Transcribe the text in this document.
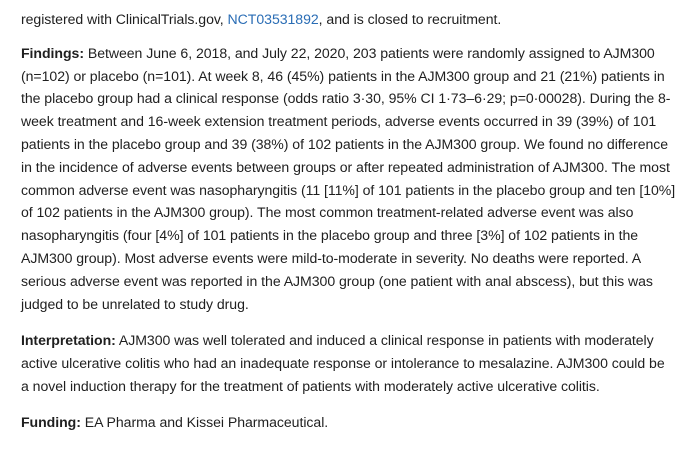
registered with ClinicalTrials.gov, NCT03531892, and is closed to recruitment.

Findings: Between June 6, 2018, and July 22, 2020, 203 patients were randomly assigned to AJM300 (n=102) or placebo (n=101). At week 8, 46 (45%) patients in the AJM300 group and 21 (21%) patients in the placebo group had a clinical response (odds ratio 3·30, 95% CI 1·73–6·29; p=0·00028). During the 8-week treatment and 16-week extension treatment periods, adverse events occurred in 39 (39%) of 101 patients in the placebo group and 39 (38%) of 102 patients in the AJM300 group. We found no difference in the incidence of adverse events between groups or after repeated administration of AJM300. The most common adverse event was nasopharyngitis (11 [11%] of 101 patients in the placebo group and ten [10%] of 102 patients in the AJM300 group). The most common treatment-related adverse event was also nasopharyngitis (four [4%] of 101 patients in the placebo group and three [3%] of 102 patients in the AJM300 group). Most adverse events were mild-to-moderate in severity. No deaths were reported. A serious adverse event was reported in the AJM300 group (one patient with anal abscess), but this was judged to be unrelated to study drug.

Interpretation: AJM300 was well tolerated and induced a clinical response in patients with moderately active ulcerative colitis who had an inadequate response or intolerance to mesalazine. AJM300 could be a novel induction therapy for the treatment of patients with moderately active ulcerative colitis.

Funding: EA Pharma and Kissei Pharmaceutical.
